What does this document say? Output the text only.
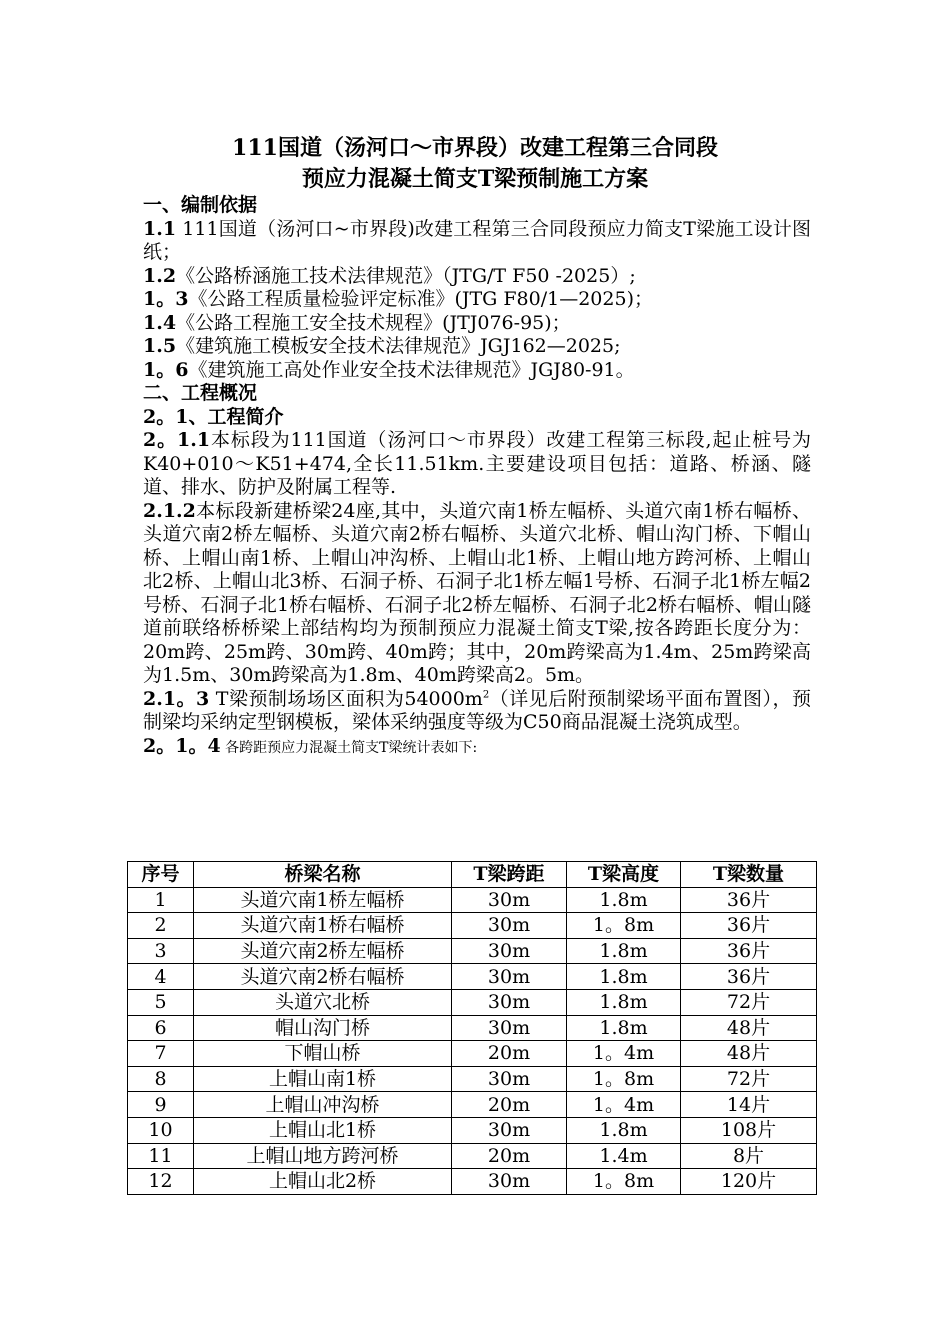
111国道（汤河口～市界段）改建工程第三合同段
预应力混凝土简支T梁预制施工方案

一、编制依据

1.1 111国道（汤河口~市界段)改建工程第三合同段预应力简支T梁施工设计图纸；

1.2《公路桥涵施工技术法律规范》（JTG/T F50 -2025）;

1。3《公路工程质量检验评定标准》(JTG F80/1—2025)；

1.4《公路工程施工安全技术规程》(JTJ076-95)；

1.5《建筑施工模板安全技术法律规范》JGJ162—2025;

1。6《建筑施工高处作业安全技术法律规范》JGJ80-91。

二、工程概况

2。1、工程简介

2。1.1本标段为111国道（汤河口～市界段）改建工程第三标段,起止桩号为K40+010～K51+474,全长11.51km.主要建设项目包括：道路、桥涵、隧道、排水、防护及附属工程等.

2.1.2本标段新建桥梁24座,其中，头道穴南1桥左幅桥、头道穴南1桥右幅桥、头道穴南2桥左幅桥、头道穴南2桥右幅桥、头道穴北桥、帽山沟门桥、下帽山桥、上帽山南1桥、上帽山冲沟桥、上帽山北1桥、上帽山地方跨河桥、上帽山北2桥、上帽山北3桥、石洞子桥、石洞子北1桥左幅1号桥、石洞子北1桥左幅2号桥、石洞子北1桥右幅桥、石洞子北2桥左幅桥、石洞子北2桥右幅桥、帽山隧道前联络桥桥梁上部结构均为预制预应力混凝土简支T梁,按各跨距长度分为：20m跨、25m跨、30m跨、40m跨；其中，20m跨梁高为1.4m、25m跨梁高为1.5m、30m跨梁高为1.8m、40m跨梁高2。5m。

2.1。3 T梁预制场场区面积为$54000m^2$（详见后附预制梁场平面布置图），预制梁均采纳定型钢模板，梁体采纳强度等级为C50商品混凝土浇筑成型。

2。1。4 各跨距预应力混凝土简支T梁统计表如下:

序号	桥梁名称	T梁跨距	T梁高度	T梁数量
1	头道穴南1桥左幅桥	30m	1.8m	36片
2	头道穴南1桥右幅桥	30m	1。8m	36片
3	头道穴南2桥左幅桥	30m	1.8m	36片
4	头道穴南2桥右幅桥	30m	1.8m	36片
5	头道穴北桥	30m	1.8m	72片
6	帽山沟门桥	30m	1.8m	48片
7	下帽山桥	20m	1。4m	48片
8	上帽山南1桥	30m	1。8m	72片
9	上帽山冲沟桥	20m	1。4m	14片
10	上帽山北1桥	30m	1.8m	108片
11	上帽山地方跨河桥	20m	1.4m	8片
12	上帽山北2桥	30m	1。8m	120片
